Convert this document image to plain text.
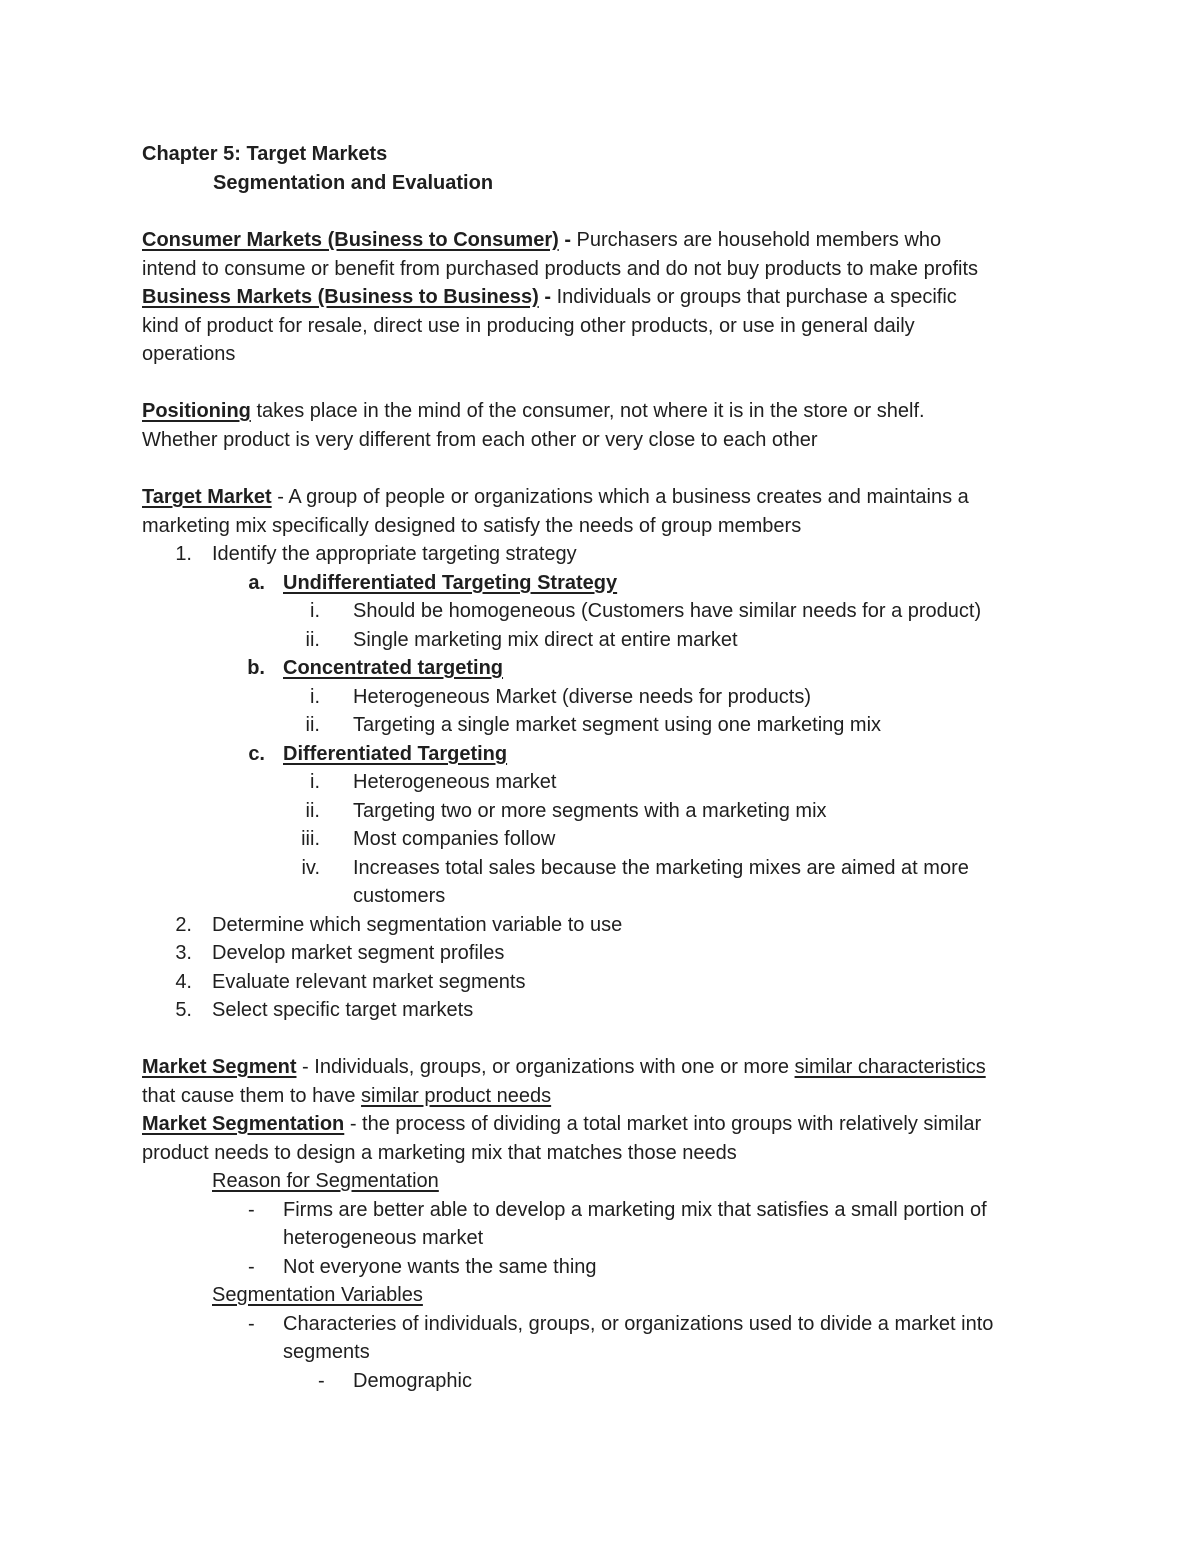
Chapter 5: Target Markets
Segmentation and Evaluation
Consumer Markets (Business to Consumer) - Purchasers are household members who
intend to consume or benefit from purchased products and do not buy products to make profits
Business Markets (Business to Business) - Individuals or groups that purchase a specific
kind of product for resale, direct use in producing other products, or use in general daily
operations
Positioning takes place in the mind of the consumer, not where it is in the store or shelf.
Whether product is very different from each other or very close to each other
Target Market - A group of people or organizations which a business creates and maintains a
marketing mix specifically designed to satisfy the needs of group members
1. Identify the appropriate targeting strategy
a. Undifferentiated Targeting Strategy
i. Should be homogeneous (Customers have similar needs for a product)
ii. Single marketing mix direct at entire market
b. Concentrated targeting
i. Heterogeneous Market (diverse needs for products)
ii. Targeting a single market segment using one marketing mix
c. Differentiated Targeting
i. Heterogeneous market
ii. Targeting two or more segments with a marketing mix
iii. Most companies follow
iv. Increases total sales because the marketing mixes are aimed at more
customers
2. Determine which segmentation variable to use
3. Develop market segment profiles
4. Evaluate relevant market segments
5. Select specific target markets
Market Segment - Individuals, groups, or organizations with one or more similar characteristics
that cause them to have similar product needs
Market Segmentation - the process of dividing a total market into groups with relatively similar
product needs to design a marketing mix that matches those needs
Reason for Segmentation
- Firms are better able to develop a marketing mix that satisfies a small portion of
heterogeneous market
- Not everyone wants the same thing
Segmentation Variables
- Characteries of individuals, groups, or organizations used to divide a market into
segments
- Demographic
